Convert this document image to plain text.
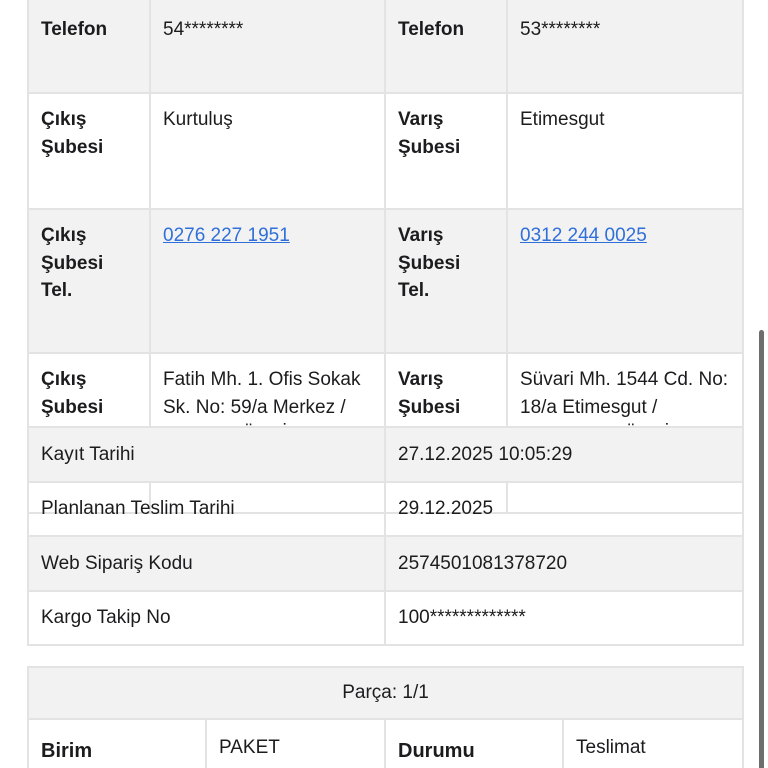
Telefon	54********	Telefon	53********
Çıkış Şubesi	Kurtuluş	Varış Şubesi	Etimesgut
Çıkış Şubesi Tel.	0276 227 1951	Varış Şubesi Tel.	0312 244 0025
Çıkış Şubesi	Fatih Mh. 1. Ofis Sokak Sk. No: 59/a Merkez /	Varış Şubesi	Süvari Mh. 1544 Cd. No: 18/a Etimesgut /
Kayıt Tarihi	27.12.2025 10:05:29
Planlanan Teslim Tarihi	29.12.2025
Web Sipariş Kodu	2574501081378720
Kargo Takip No	100*************
Parça: 1/1
Birim	PAKET	Durumu	Teslimat
